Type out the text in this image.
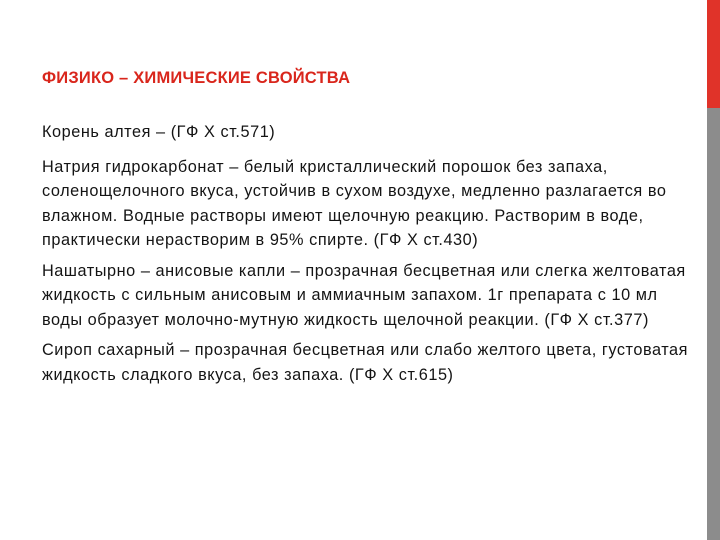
ФИЗИКО – ХИМИЧЕСКИЕ СВОЙСТВА

Корень алтея – (ГФ X ст.571)

Натрия гидрокарбонат – белый кристаллический порошок без запаха, соленощелочного вкуса, устойчив в сухом воздухе, медленно разлагается во влажном. Водные растворы имеют щелочную реакцию. Растворим в воде, практически нерастворим в 95% спирте. (ГФ X ст.430)

Нашатырно – анисовые капли – прозрачная бесцветная или слегка желтоватая жидкость с сильным анисовым и аммиачным запахом. 1г препарата с 10 мл воды образует молочно-мутную жидкость щелочной реакции. (ГФ X ст.377)

Сироп сахарный – прозрачная бесцветная или слабо желтого цвета, густоватая жидкость сладкого вкуса, без запаха. (ГФ X ст.615)
